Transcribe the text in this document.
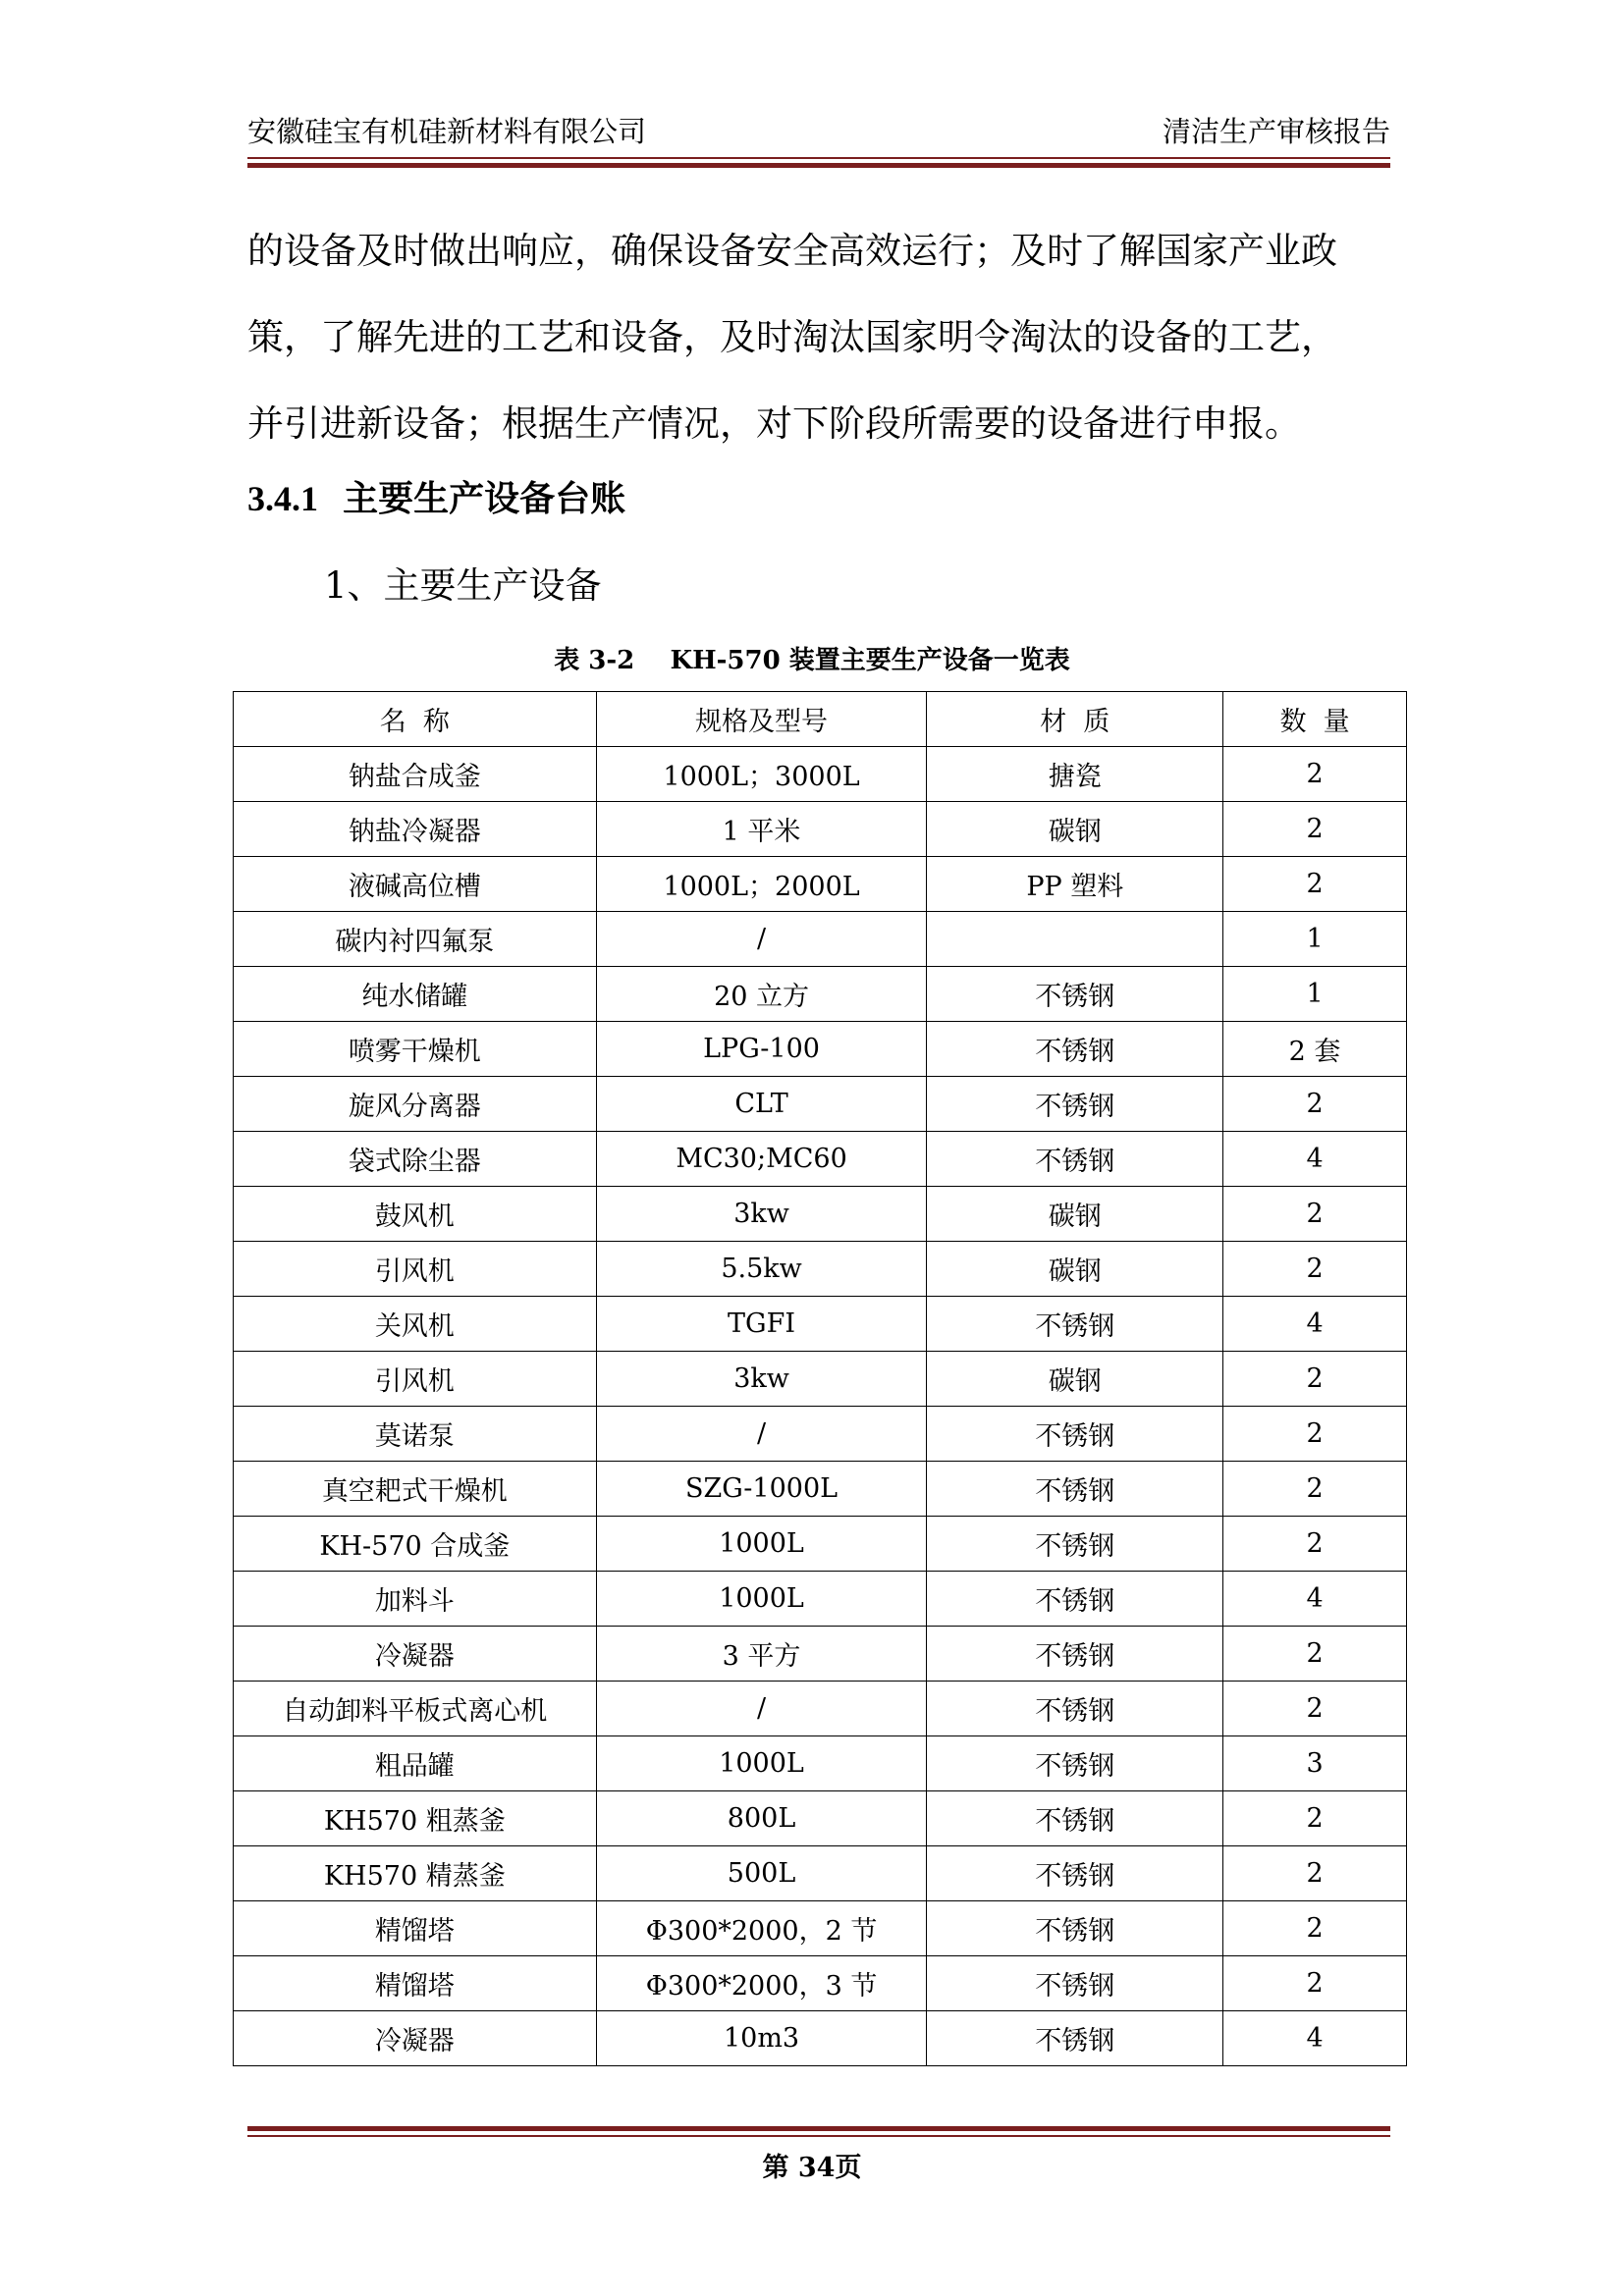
安徽硅宝有机硅新材料有限公司	清洁生产审核报告
的设备及时做出响应，确保设备安全高效运行；及时了解国家产业政
策，了解先进的工艺和设备，及时淘汰国家明令淘汰的设备的工艺，
并引进新设备；根据生产情况，对下阶段所需要的设备进行申报。
3.4.1 主要生产设备台账
1、主要生产设备
表 3-2    KH-570 装置主要生产设备一览表
名  称	规格及型号	材  质	数  量
钠盐合成釜	1000L；3000L	搪瓷	2
钠盐冷凝器	1 平米	碳钢	2
液碱高位槽	1000L；2000L	PP 塑料	2
碳内衬四氟泵	/		1
纯水储罐	20 立方	不锈钢	1
喷雾干燥机	LPG-100	不锈钢	2 套
旋风分离器	CLT	不锈钢	2
袋式除尘器	MC30;MC60	不锈钢	4
鼓风机	3kw	碳钢	2
引风机	5.5kw	碳钢	2
关风机	TGFI	不锈钢	4
引风机	3kw	碳钢	2
莫诺泵	/	不锈钢	2
真空耙式干燥机	SZG-1000L	不锈钢	2
KH-570 合成釜	1000L	不锈钢	2
加料斗	1000L	不锈钢	4
冷凝器	3 平方	不锈钢	2
自动卸料平板式离心机	/	不锈钢	2
粗品罐	1000L	不锈钢	3
KH570 粗蒸釜	800L	不锈钢	2
KH570 精蒸釜	500L	不锈钢	2
精馏塔	Φ300*2000，2 节	不锈钢	2
精馏塔	Φ300*2000，3 节	不锈钢	2
冷凝器	10m3	不锈钢	4
第 34页
